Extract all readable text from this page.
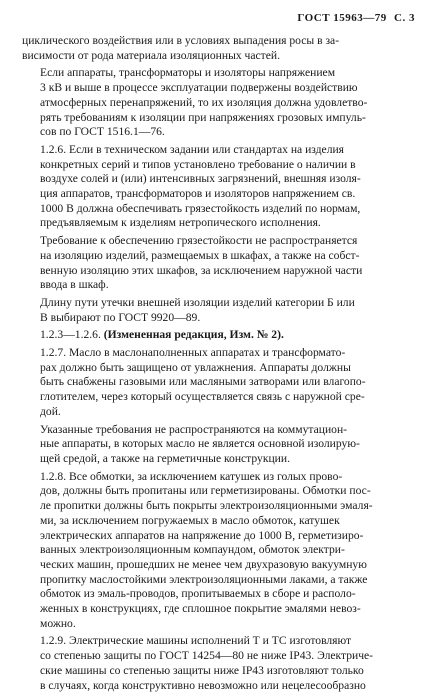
ГОСТ 15963—79 С. 3
циклического воздействия или в условиях выпадения росы в за-
висимости от рода материала изоляционных частей.
Если аппараты, трансформаторы и изоляторы напряжением
3 кВ и выше в процессе эксплуатации подвержены воздействию
атмосферных перенапряжений, то их изоляция должна удовлетво-
рять требованиям к изоляции при напряжениях грозовых импуль-
сов по ГОСТ 1516.1—76.
1.2.6. Если в техническом задании или стандартах на изделия
конкретных серий и типов установлено требование о наличии в
воздухе солей и (или) интенсивных загрязнений, внешняя изоля-
ция аппаратов, трансформаторов и изоляторов напряжением св.
1000 В должна обеспечивать грязестойкость изделий по нормам,
предъявляемым к изделиям нетропического исполнения.
Требование к обеспечению грязестойкости не распространяется
на изоляцию изделий, размещаемых в шкафах, а также на собст-
венную изоляцию этих шкафов, за исключением наружной части
ввода в шкаф.
Длину пути утечки внешней изоляции изделий категории Б или
В выбирают по ГОСТ 9920—89.
1.2.3—1.2.6. (Измененная редакция, Изм. № 2).
1.2.7. Масло в маслонаполненных аппаратах и трансформато-
рах должно быть защищено от увлажнения. Аппараты должны
быть снабжены газовыми или масляными затворами или влагопо-
глотителем, через который осуществляется связь с наружной сре-
дой.
Указанные требования не распространяются на коммутацион-
ные аппараты, в которых масло не является основной изолирую-
щей средой, а также на герметичные конструкции.
1.2.8. Все обмотки, за исключением катушек из голых прово-
дов, должны быть пропитаны или герметизированы. Обмотки пос-
ле пропитки должны быть покрыты электроизоляционными эмаля-
ми, за исключением погружаемых в масло обмоток, катушек
электрических аппаратов на напряжение до 1000 В, герметизиро-
ванных электроизоляционным компаундом, обмоток электри-
ческих машин, прошедших не менее чем двухразовую вакуумную
пропитку маслостойкими электроизоляционными лаками, а также
обмоток из эмаль-проводов, пропитываемых в сборе и располо-
женных в конструкциях, где сплошное покрытие эмалями невоз-
можно.
1.2.9. Электрические машины исполнений Т и ТС изготовляют
со степенью защиты по ГОСТ 14254—80 не ниже IP43. Электриче-
ские машины со степенью защиты ниже IP43 изготовляют только
в случаях, когда конструктивно невозможно или нецелесообразно
